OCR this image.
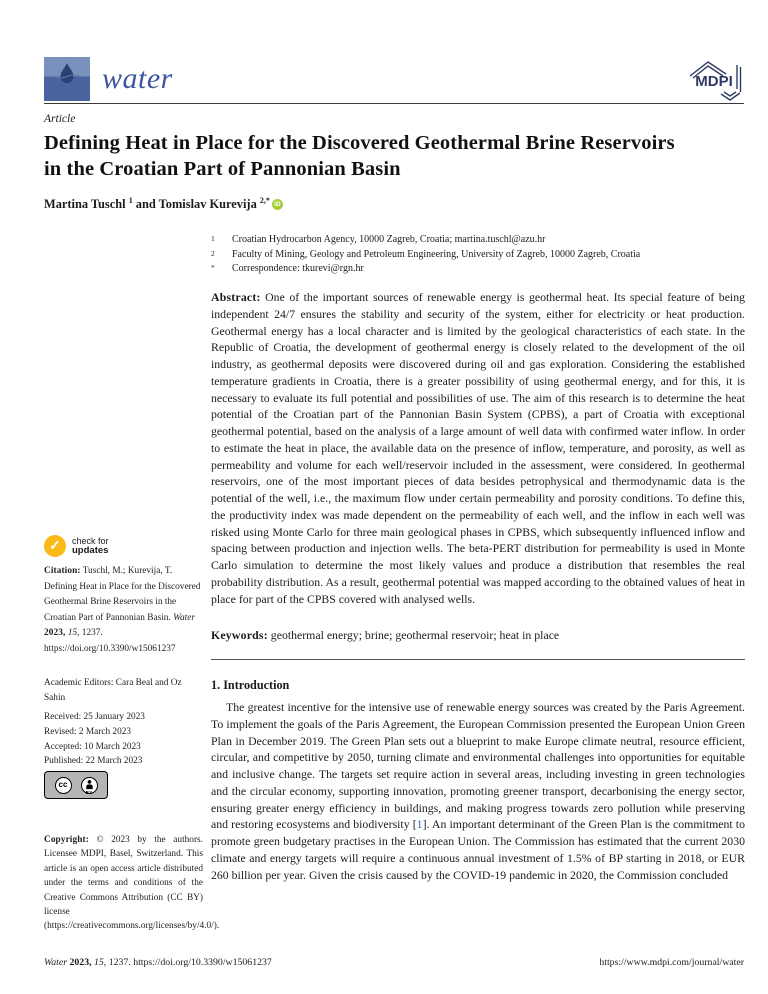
water	MDPI
Article
Defining Heat in Place for the Discovered Geothermal Brine Reservoirs in the Croatian Part of Pannonian Basin
Martina Tuschl $^1$ and Tomislav Kurevija $^{2,*}$ iD
1	Croatian Hydrocarbon Agency, 10000 Zagreb, Croatia; martina.tuschl@azu.hr
2	Faculty of Mining, Geology and Petroleum Engineering, University of Zagreb, 10000 Zagreb, Croatia
*	Correspondence: tkurevi@rgn.hr

Abstract: One of the important sources of renewable energy is geothermal heat. Its special feature of being independent 24/7 ensures the stability and security of the system, either for electricity or heat production. Geothermal energy has a local character and is limited by the geological characteristics of each state. In the Republic of Croatia, the development of geothermal energy is closely related to the development of the oil industry, as geothermal deposits were discovered during oil and gas exploration. Considering the established temperature gradients in Croatia, there is a greater possibility of using geothermal energy, and for this, it is necessary to evaluate its full potential and possibilities of use. The aim of this research is to determine the heat potential of the Croatian part of the Pannonian Basin System (CPBS), a part of Croatia with exceptional geothermal potential, based on the analysis of a large amount of well data with confirmed water inflow. In order to estimate the heat in place, the available data on the presence of inflow, temperature, and porosity, as well as permeability and volume for each well/reservoir included in the assessment, were considered. In geothermal reservoirs, one of the most important pieces of data besides petrophysical and thermodynamic data is the potential of the well, i.e., the maximum flow under certain permeability and porosity conditions. To define this, the productivity index was made dependent on the permeability of each well, and the inflow in each well was risked using Monte Carlo for three main geological phases in CPBS, which subsequently influenced inflow and spacing between production and injection wells. The beta-PERT distribution for permeability is used in Monte Carlo simulation to determine the most likely values and produce a distribution that resembles the real probability distribution. As a result, geothermal potential was mapped according to the obtained values of heat in place for part of the CPBS covered with analysed wells.

Keywords: geothermal energy; brine; geothermal reservoir; heat in place

1. Introduction

The greatest incentive for the intensive use of renewable energy sources was created by the Paris Agreement. To implement the goals of the Paris Agreement, the European Commission presented the European Union Green Plan in December 2019. The Green Plan sets out a blueprint to make Europe climate neutral, resource efficient, circular, and competitive by 2050, turning climate and environmental challenges into opportunities for equitable and inclusive change. The targets set require action in several areas, including investing in green technologies and the circular economy, supporting innovation, promoting greener transport, decarbonising the energy sector, ensuring greater energy efficiency in buildings, and making progress towards zero pollution while preserving and restoring ecosystems and biodiversity [1]. An important determinant of the Green Plan is the commitment to promote green budgetary practises in the European Union. The Commission has estimated that the current 2030 climate and energy targets will require a continuous annual investment of 1.5% of BP starting in 2018, or EUR 260 billion per year. Given the crisis caused by the COVID-19 pandemic in 2020, the Commission concluded

✓	check for
updates
Citation: Tuschl, M.; Kurevija, T. Defining Heat in Place for the Discovered Geothermal Brine Reservoirs in the Croatian Part of Pannonian Basin. Water 2023, 15, 1237. https://doi.org/10.3390/w15061237
Academic Editors: Cara Beal and Oz Sahin
Received: 25 January 2023
Revised: 2 March 2023
Accepted: 10 March 2023
Published: 22 March 2023
cc
BY
Copyright: © 2023 by the authors. Licensee MDPI, Basel, Switzerland. This article is an open access article distributed under the terms and conditions of the Creative Commons Attribution (CC BY) license (https://creativecommons.org/licenses/by/4.0/).
Water 2023, 15, 1237. https://doi.org/10.3390/w15061237	https://www.mdpi.com/journal/water
